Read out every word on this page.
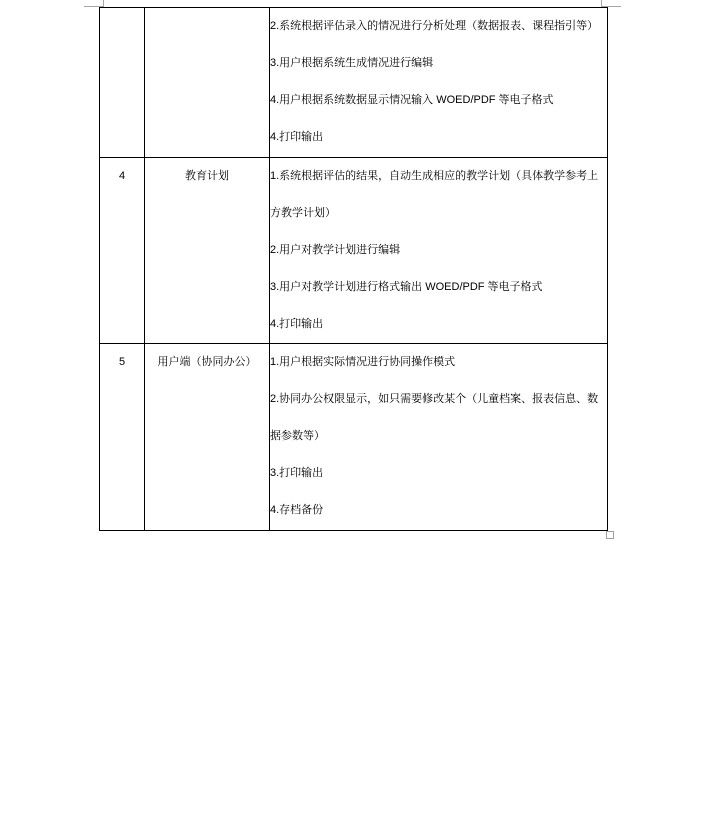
		2.系统根据评估录入的情况进行分析处理（数据报表、课程指引等）
3.用户根据系统生成情况进行编辑
4.用户根据系统数据显示情况输入 WOED/PDF 等电子格式
4.打印输出

4	教育计划	1.系统根据评估的结果，自动生成相应的教学计划（具体教学参考上
方教学计划）
2.用户对教学计划进行编辑
3.用户对教学计划进行格式输出 WOED/PDF 等电子格式
4.打印输出

5	用户端（协同办公）	1.用户根据实际情况进行协同操作模式
2.协同办公权限显示，如只需要修改某个（儿童档案、报表信息、数
据参数等）
3.打印输出
4.存档备份
